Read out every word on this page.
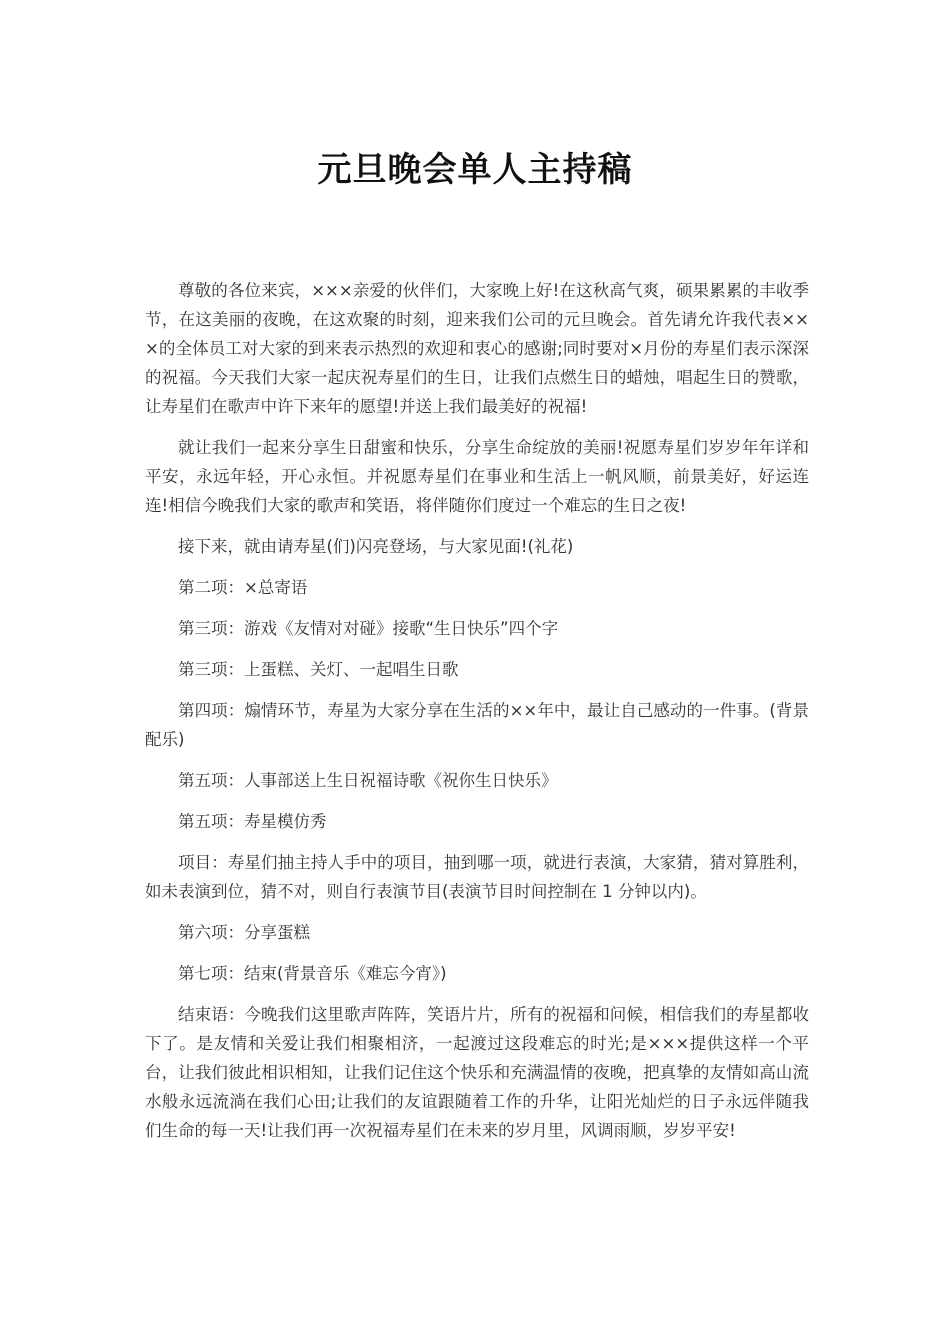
元旦晚会单人主持稿

尊敬的各位来宾，×××亲爱的伙伴们，大家晚上好!在这秋高气爽，硕果累累的丰收季节，在这美丽的夜晚，在这欢聚的时刻，迎来我们公司的元旦晚会。首先请允许我代表×××的全体员工对大家的到来表示热烈的欢迎和衷心的感谢;同时要对×月份的寿星们表示深深的祝福。今天我们大家一起庆祝寿星们的生日，让我们点燃生日的蜡烛，唱起生日的赞歌，让寿星们在歌声中许下来年的愿望!并送上我们最美好的祝福!

就让我们一起来分享生日甜蜜和快乐，分享生命绽放的美丽!祝愿寿星们岁岁年年详和平安，永远年轻，开心永恒。并祝愿寿星们在事业和生活上一帆风顺，前景美好，好运连连!相信今晚我们大家的歌声和笑语，将伴随你们度过一个难忘的生日之夜!

接下来，就由请寿星(们)闪亮登场，与大家见面!(礼花)

第二项：×总寄语

第三项：游戏《友情对对碰》接歌“生日快乐”四个字

第三项：上蛋糕、关灯、一起唱生日歌

第四项：煽情环节，寿星为大家分享在生活的××年中，最让自己感动的一件事。(背景配乐)

第五项：人事部送上生日祝福诗歌《祝你生日快乐》

第五项：寿星模仿秀

项目：寿星们抽主持人手中的项目，抽到哪一项，就进行表演，大家猜，猜对算胜利，如未表演到位，猜不对，则自行表演节目(表演节目时间控制在 1 分钟以内)。

第六项：分享蛋糕

第七项：结束(背景音乐《难忘今宵》)

结束语：今晚我们这里歌声阵阵，笑语片片，所有的祝福和问候，相信我们的寿星都收下了。是友情和关爱让我们相聚相济，一起渡过这段难忘的时光;是×××提供这样一个平台，让我们彼此相识相知，让我们记住这个快乐和充满温情的夜晚，把真挚的友情如高山流水般永远流淌在我们心田;让我们的友谊跟随着工作的升华，让阳光灿烂的日子永远伴随我们生命的每一天!让我们再一次祝福寿星们在未来的岁月里，风调雨顺，岁岁平安!
